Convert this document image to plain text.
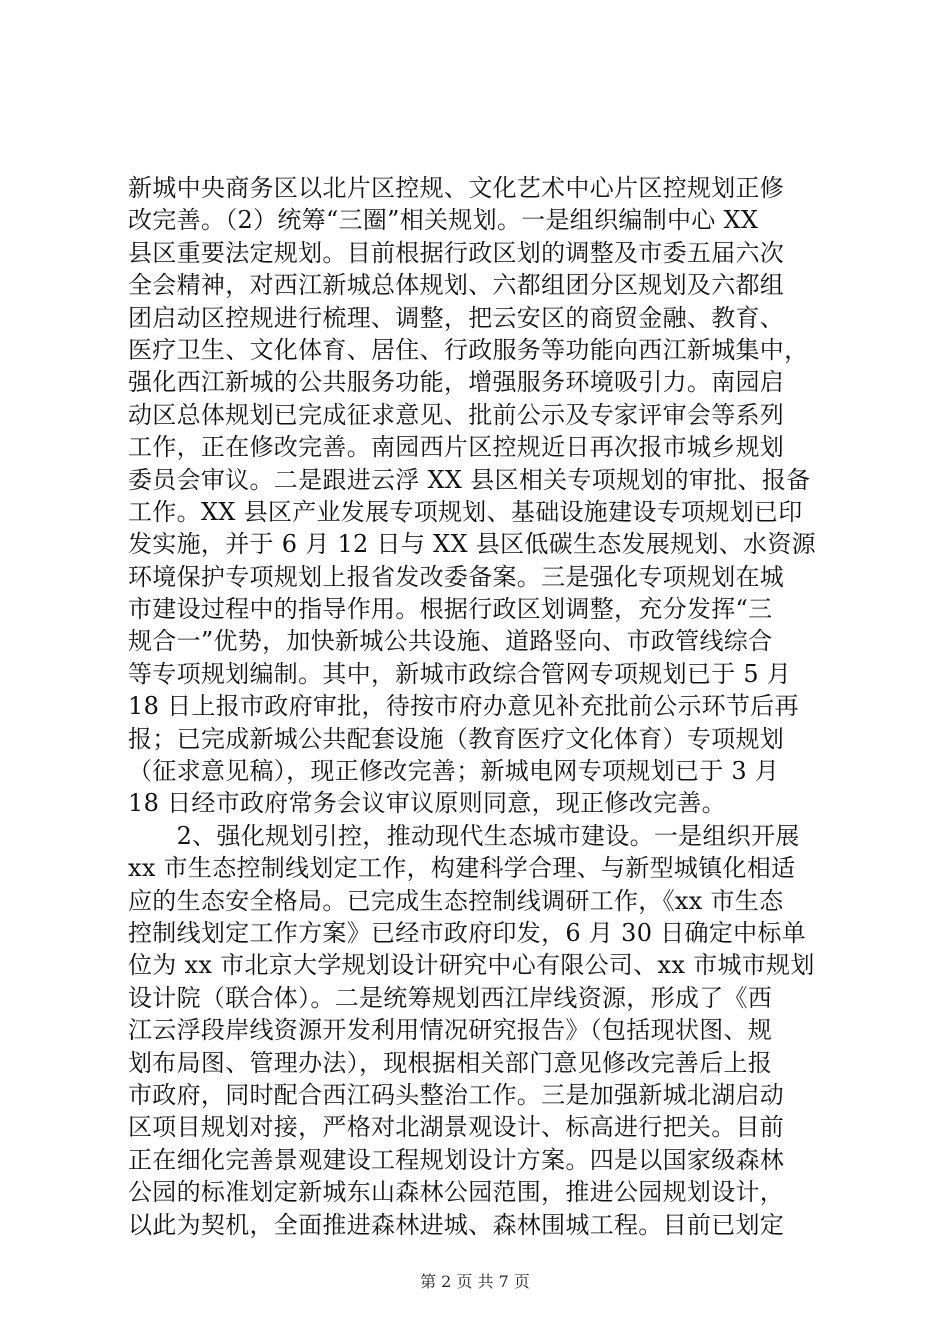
新城中央商务区以北片区控规、文化艺术中心片区控规划正修
改完善。（2）统筹“三圈”相关规划。一是组织编制中心 XX
县区重要法定规划。目前根据行政区划的调整及市委五届六次
全会精神，对西江新城总体规划、六都组团分区规划及六都组
团启动区控规进行梳理、调整，把云安区的商贸金融、教育、
医疗卫生、文化体育、居住、行政服务等功能向西江新城集中，
强化西江新城的公共服务功能，增强服务环境吸引力。南园启
动区总体规划已完成征求意见、批前公示及专家评审会等系列
工作，正在修改完善。南园西片区控规近日再次报市城乡规划
委员会审议。二是跟进云浮 XX 县区相关专项规划的审批、报备
工作。XX 县区产业发展专项规划、基础设施建设专项规划已印
发实施，并于 6 月 12 日与 XX 县区低碳生态发展规划、水资源
环境保护专项规划上报省发改委备案。三是强化专项规划在城
市建设过程中的指导作用。根据行政区划调整，充分发挥“三
规合一”优势，加快新城公共设施、道路竖向、市政管线综合
等专项规划编制。其中，新城市政综合管网专项规划已于 5 月
18 日上报市政府审批，待按市府办意见补充批前公示环节后再
报；已完成新城公共配套设施（教育医疗文化体育）专项规划
（征求意见稿），现正修改完善；新城电网专项规划已于 3 月
18 日经市政府常务会议审议原则同意，现正修改完善。
　　2、强化规划引控，推动现代生态城市建设。一是组织开展
xx 市生态控制线划定工作，构建科学合理、与新型城镇化相适
应的生态安全格局。已完成生态控制线调研工作，《xx 市生态
控制线划定工作方案》已经市政府印发，6 月 30 日确定中标单
位为 xx 市北京大学规划设计研究中心有限公司、xx 市城市规划
设计院（联合体）。二是统筹规划西江岸线资源，形成了《西
江云浮段岸线资源开发利用情况研究报告》（包括现状图、规
划布局图、管理办法），现根据相关部门意见修改完善后上报
市政府，同时配合西江码头整治工作。三是加强新城北湖启动
区项目规划对接，严格对北湖景观设计、标高进行把关。目前
正在细化完善景观建设工程规划设计方案。四是以国家级森林
公园的标准划定新城东山森林公园范围，推进公园规划设计，
以此为契机，全面推进森林进城、森林围城工程。目前已划定
第 2 页 共 7 页
